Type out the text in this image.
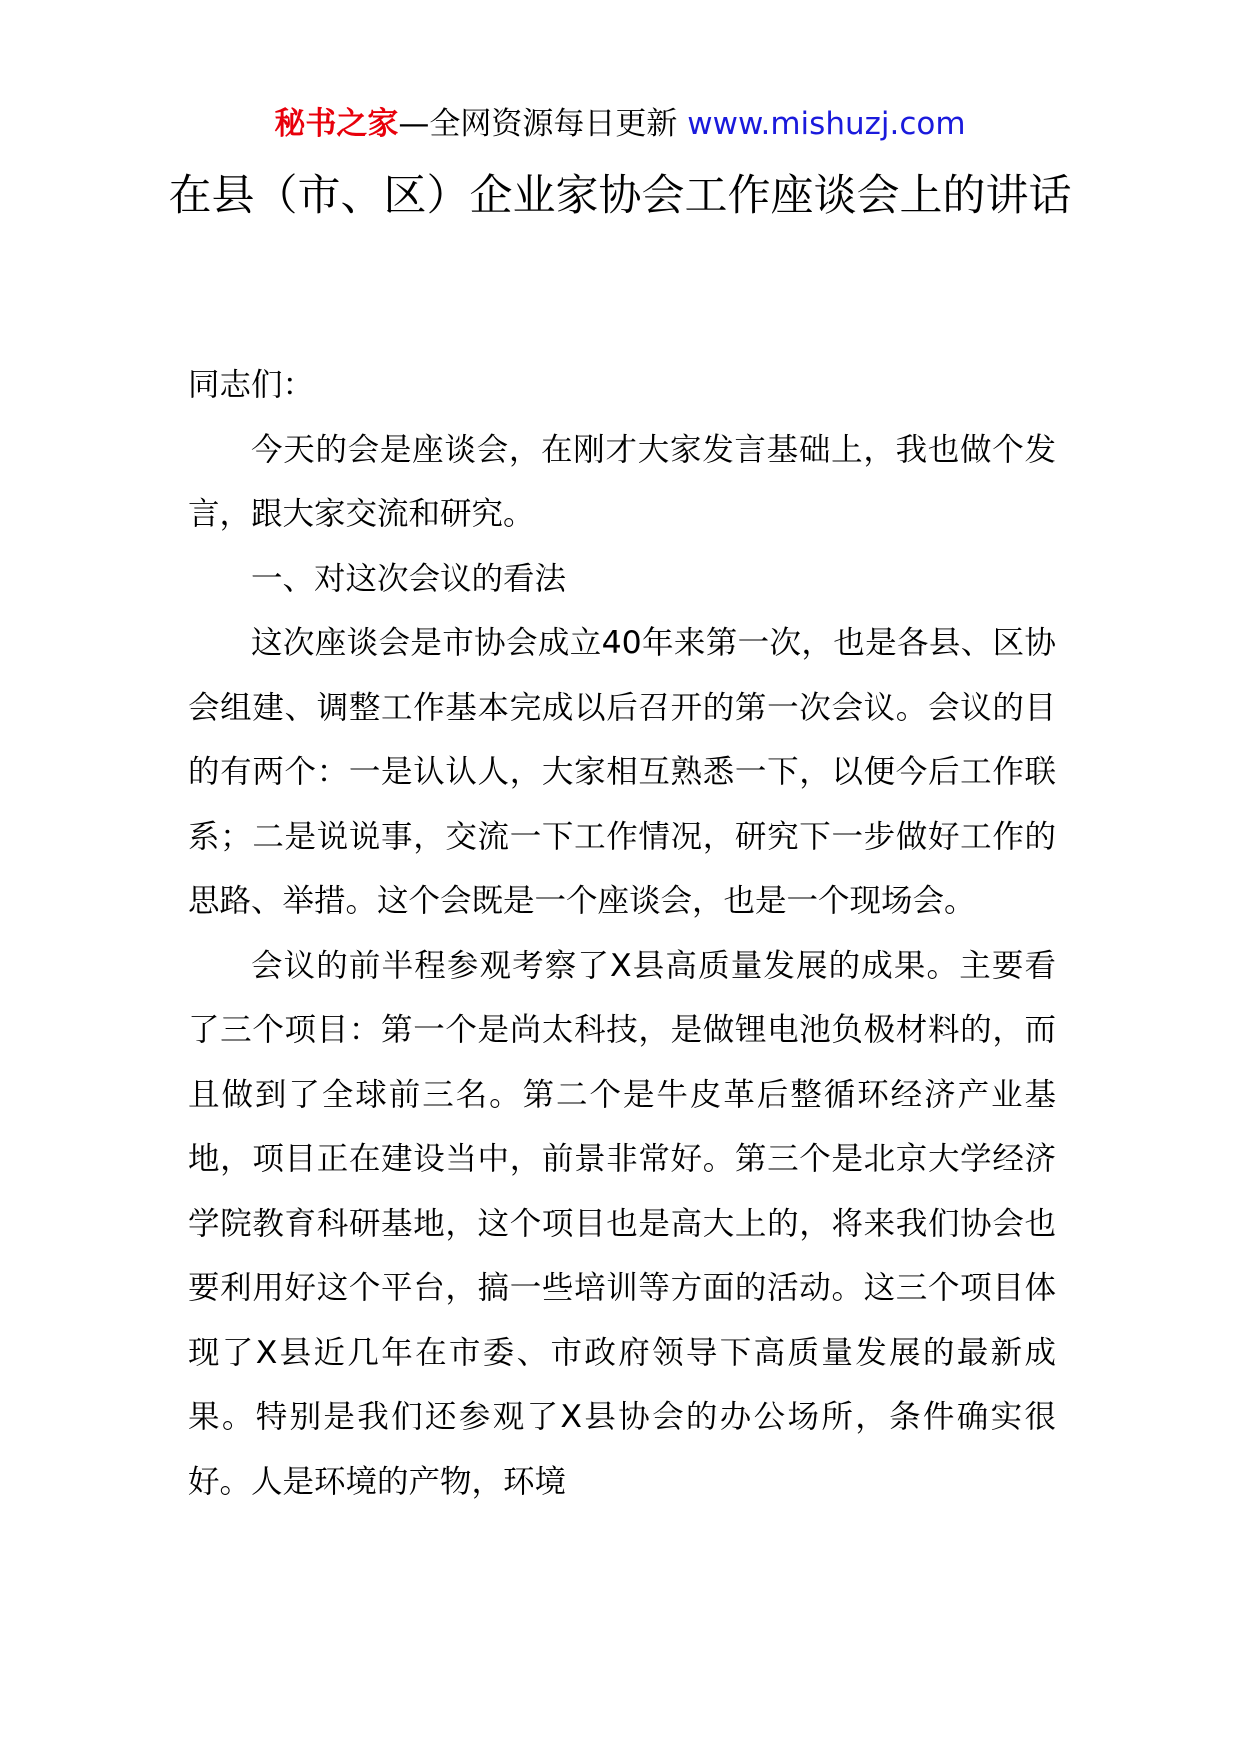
秘书之家—全网资源每日更新 www.mishuzj.com
在县（市、区）企业家协会工作座谈会上的讲话

同志们：

今天的会是座谈会，在刚才大家发言基础上，我也做个发言，跟大家交流和研究。

一、对这次会议的看法

这次座谈会是市协会成立40年来第一次，也是各县、区协会组建、调整工作基本完成以后召开的第一次会议。会议的目的有两个：一是认认人，大家相互熟悉一下，以便今后工作联系；二是说说事，交流一下工作情况，研究下一步做好工作的思路、举措。这个会既是一个座谈会，也是一个现场会。

会议的前半程参观考察了X县高质量发展的成果。主要看了三个项目：第一个是尚太科技，是做锂电池负极材料的，而且做到了全球前三名。第二个是牛皮革后整循环经济产业基地，项目正在建设当中，前景非常好。第三个是北京大学经济学院教育科研基地，这个项目也是高大上的，将来我们协会也要利用好这个平台，搞一些培训等方面的活动。这三个项目体现了X县近几年在市委、市政府领导下高质量发展的最新成果。特别是我们还参观了X县协会的办公场所，条件确实很好。人是环境的产物，环境
